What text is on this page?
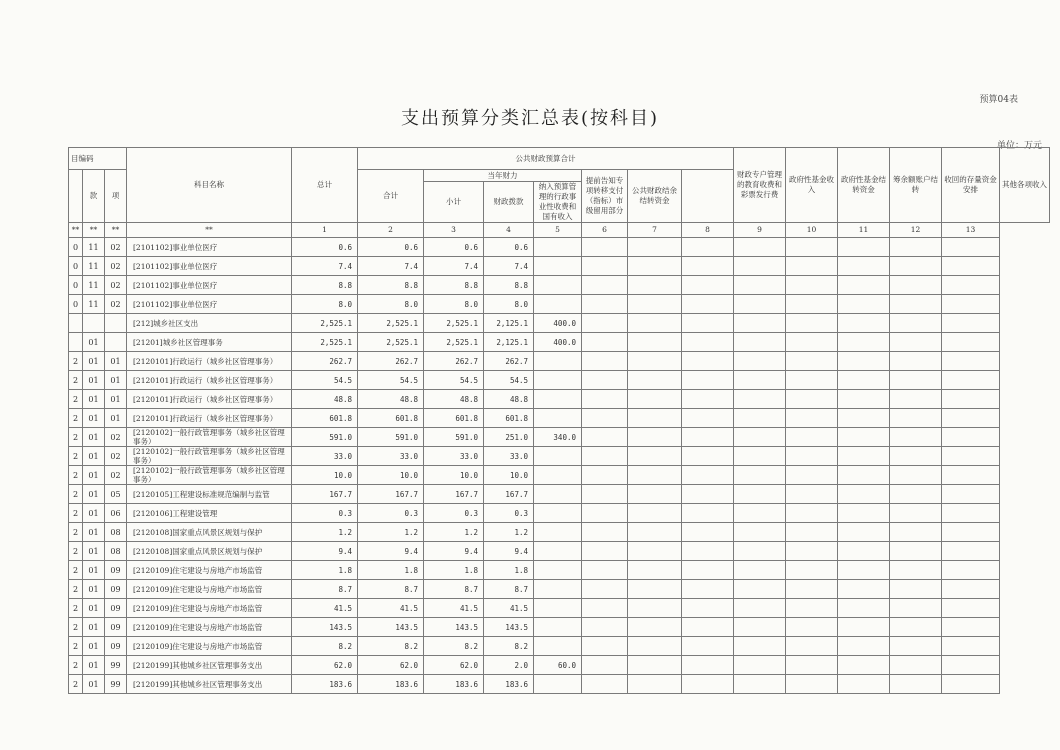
预算04表
支出预算分类汇总表(按科目)
单位：万元
目编码			科目名称	总计	公共财政预算合计							财政专户管理的教育收费和彩票发行费	政府性基金收入	政府性基金结转资金	筹余额账户结转	收回的存量资金安排	其他各项收入
	款	项			合计	当年财力			提前告知专项转移支付（指标）市级留用部分	公共财政结余结转资金							
						小计	财政拨款	纳入预算管理的行政事业性收费和国有收入									
**	**	**	**	1	2	3	4	5	6	7	8	9	10	11	12	13	
0	11	02	[2101102]事业单位医疗	0.6	0.6	0.6	0.6										
0	11	02	[2101102]事业单位医疗	7.4	7.4	7.4	7.4										
0	11	02	[2101102]事业单位医疗	8.8	8.8	8.8	8.8										
0	11	02	[2101102]事业单位医疗	8.0	8.0	8.0	8.0										
			[212]城乡社区支出	2,525.1	2,525.1	2,525.1	2,125.1	400.0									
	01		[21201]城乡社区管理事务	2,525.1	2,525.1	2,525.1	2,125.1	400.0									
2	01	01	[2120101]行政运行（城乡社区管理事务）	262.7	262.7	262.7	262.7										
2	01	01	[2120101]行政运行（城乡社区管理事务）	54.5	54.5	54.5	54.5										
2	01	01	[2120101]行政运行（城乡社区管理事务）	48.8	48.8	48.8	48.8										
2	01	01	[2120101]行政运行（城乡社区管理事务）	601.8	601.8	601.8	601.8										
2	01	02	[2120102]一般行政管理事务（城乡社区管理事务）	591.0	591.0	591.0	251.0	340.0									
2	01	02	[2120102]一般行政管理事务（城乡社区管理事务）	33.0	33.0	33.0	33.0										
2	01	02	[2120102]一般行政管理事务（城乡社区管理事务）	10.0	10.0	10.0	10.0										
2	01	05	[2120105]工程建设标准规范编制与监管	167.7	167.7	167.7	167.7										
2	01	06	[2120106]工程建设管理	0.3	0.3	0.3	0.3										
2	01	08	[2120108]国家重点风景区规划与保护	1.2	1.2	1.2	1.2										
2	01	08	[2120108]国家重点风景区规划与保护	9.4	9.4	9.4	9.4										
2	01	09	[2120109]住宅建设与房地产市场监管	1.8	1.8	1.8	1.8										
2	01	09	[2120109]住宅建设与房地产市场监管	8.7	8.7	8.7	8.7										
2	01	09	[2120109]住宅建设与房地产市场监管	41.5	41.5	41.5	41.5										
2	01	09	[2120109]住宅建设与房地产市场监管	143.5	143.5	143.5	143.5										
2	01	09	[2120109]住宅建设与房地产市场监管	8.2	8.2	8.2	8.2										
2	01	99	[2120199]其他城乡社区管理事务支出	62.0	62.0	62.0	2.0	60.0									
2	01	99	[2120199]其他城乡社区管理事务支出	183.6	183.6	183.6	183.6										
